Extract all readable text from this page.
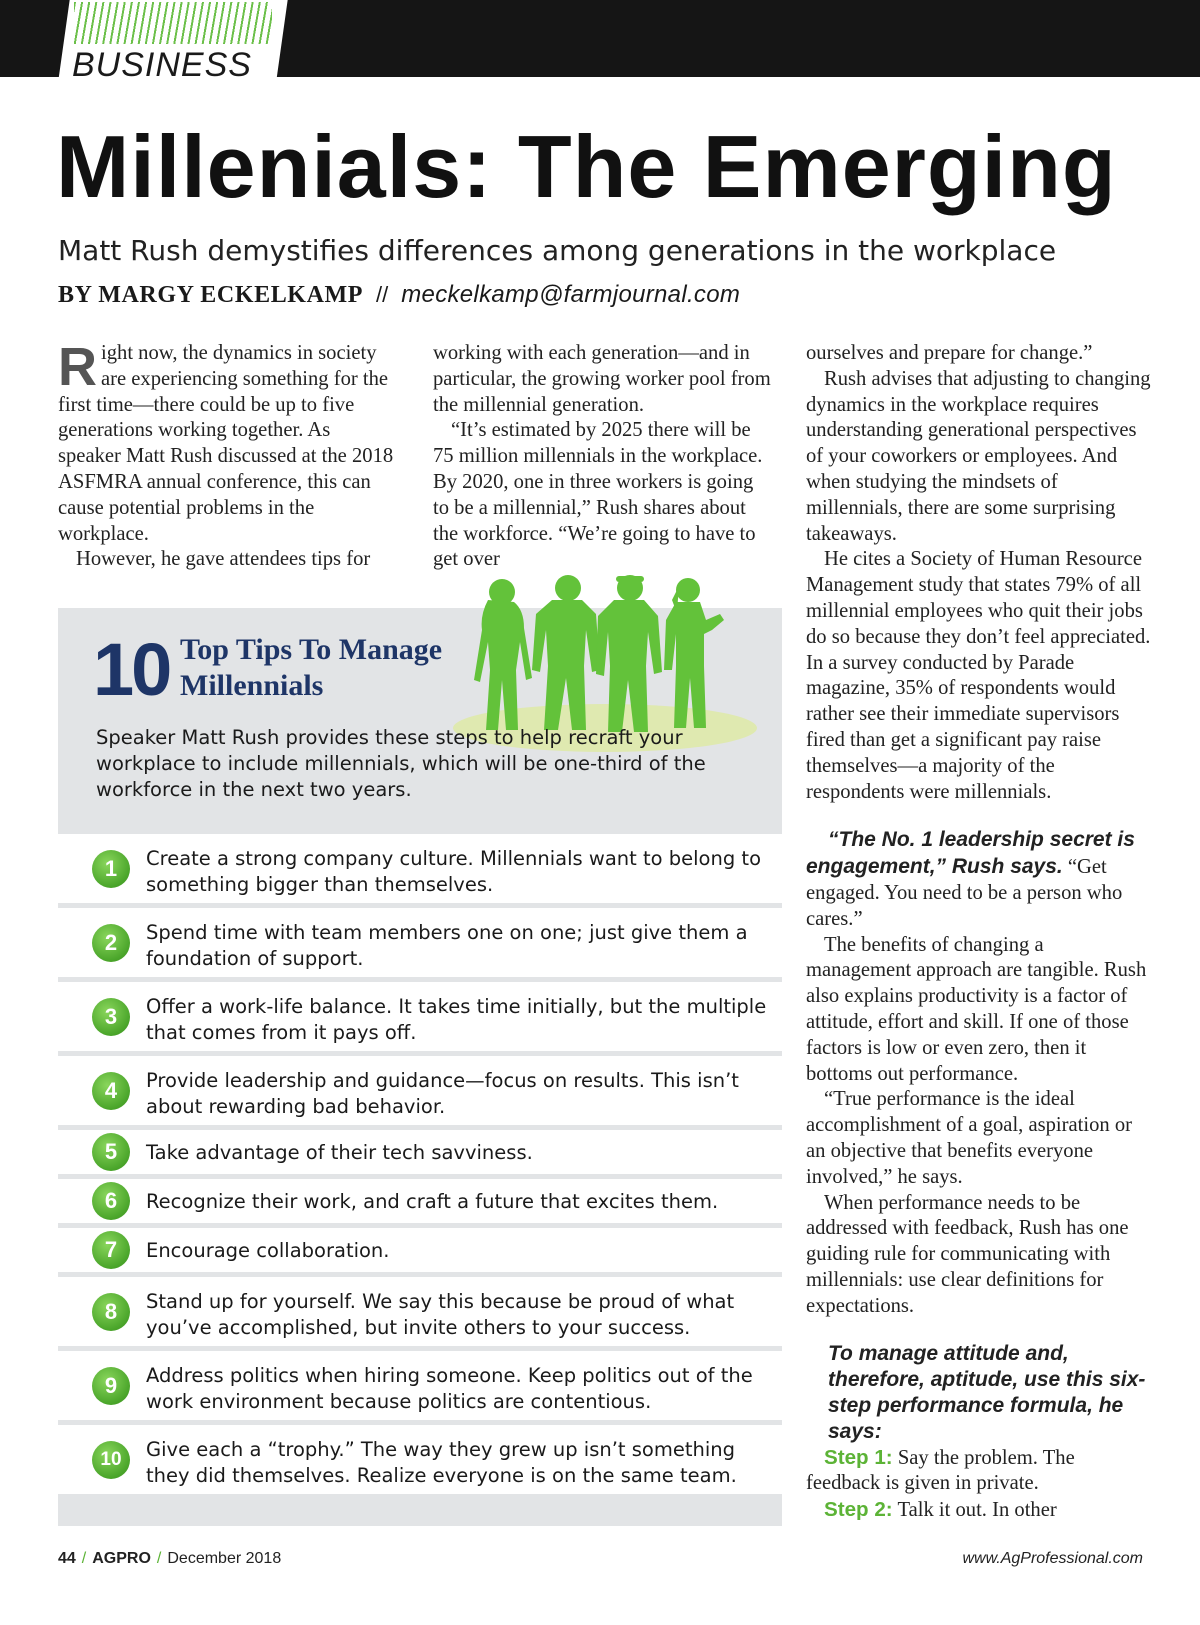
BUSINESS

Millenials: The Emerging

Matt Rush demystifies differences among generations in the workplace

BY MARGY ECKELKAMP // meckelkamp@farmjournal.com

Right now, the dynamics in society are experiencing something for the first time—there could be up to five generations working together. As speaker Matt Rush discussed at the 2018 ASFMRA annual conference, this can cause potential problems in the workplace.

However, he gave attendees tips for

working with each generation—and in particular, the growing worker pool from the millennial generation.

“It’s estimated by 2025 there will be 75 million millennials in the workplace. By 2020, one in three workers is going to be a millennial,” Rush shares about the workforce. “We’re going to have to get over

ourselves and prepare for change.”

Rush advises that adjusting to changing dynamics in the workplace requires understanding generational perspectives of your coworkers or employees. And when studying the mindsets of millennials, there are some surprising takeaways.

He cites a Society of Human Resource Management study that states 79% of all millennial employees who quit their jobs do so because they don’t feel appreciated. In a survey conducted by Parade magazine, 35% of respondents would rather see their immediate supervisors fired than get a significant pay raise themselves—a majority of the respondents were millennials.

“The No. 1 leadership secret is engagement,” Rush says. “Get engaged. You need to be a person who cares.”

The benefits of changing a management approach are tangible. Rush also explains productivity is a factor of attitude, effort and skill. If one of those factors is low or even zero, then it bottoms out performance.

“True performance is the ideal accomplishment of a goal, aspiration or an objective that benefits everyone involved,” he says.

When performance needs to be addressed with feedback, Rush has one guiding rule for communicating with millennials: use clear definitions for expectations.

To manage attitude and, therefore, aptitude, use this six-step performance formula, he says:

Step 1: Say the problem. The feedback is given in private.

Step 2: Talk it out. In other

10 Top Tips To Manage Millennials

Speaker Matt Rush provides these steps to help recraft your workplace to include millennials, which will be one-third of the workforce in the next two years.

1	Create a strong company culture. Millennials want to belong to something bigger than themselves.
2	Spend time with team members one on one; just give them a foundation of support.
3	Offer a work-life balance. It takes time initially, but the multiple that comes from it pays off.
4	Provide leadership and guidance—focus on results. This isn’t about rewarding bad behavior.
5	Take advantage of their tech savviness.
6	Recognize their work, and craft a future that excites them.
7	Encourage collaboration.
8	Stand up for yourself. We say this because be proud of what you’ve accomplished, but invite others to your success.
9	Address politics when hiring someone. Keep politics out of the work environment because politics are contentious.
10	Give each a “trophy.” The way they grew up isn’t something they did themselves. Realize everyone is on the same team.

44 / AGPRO / December 2018	www.AgProfessional.com
